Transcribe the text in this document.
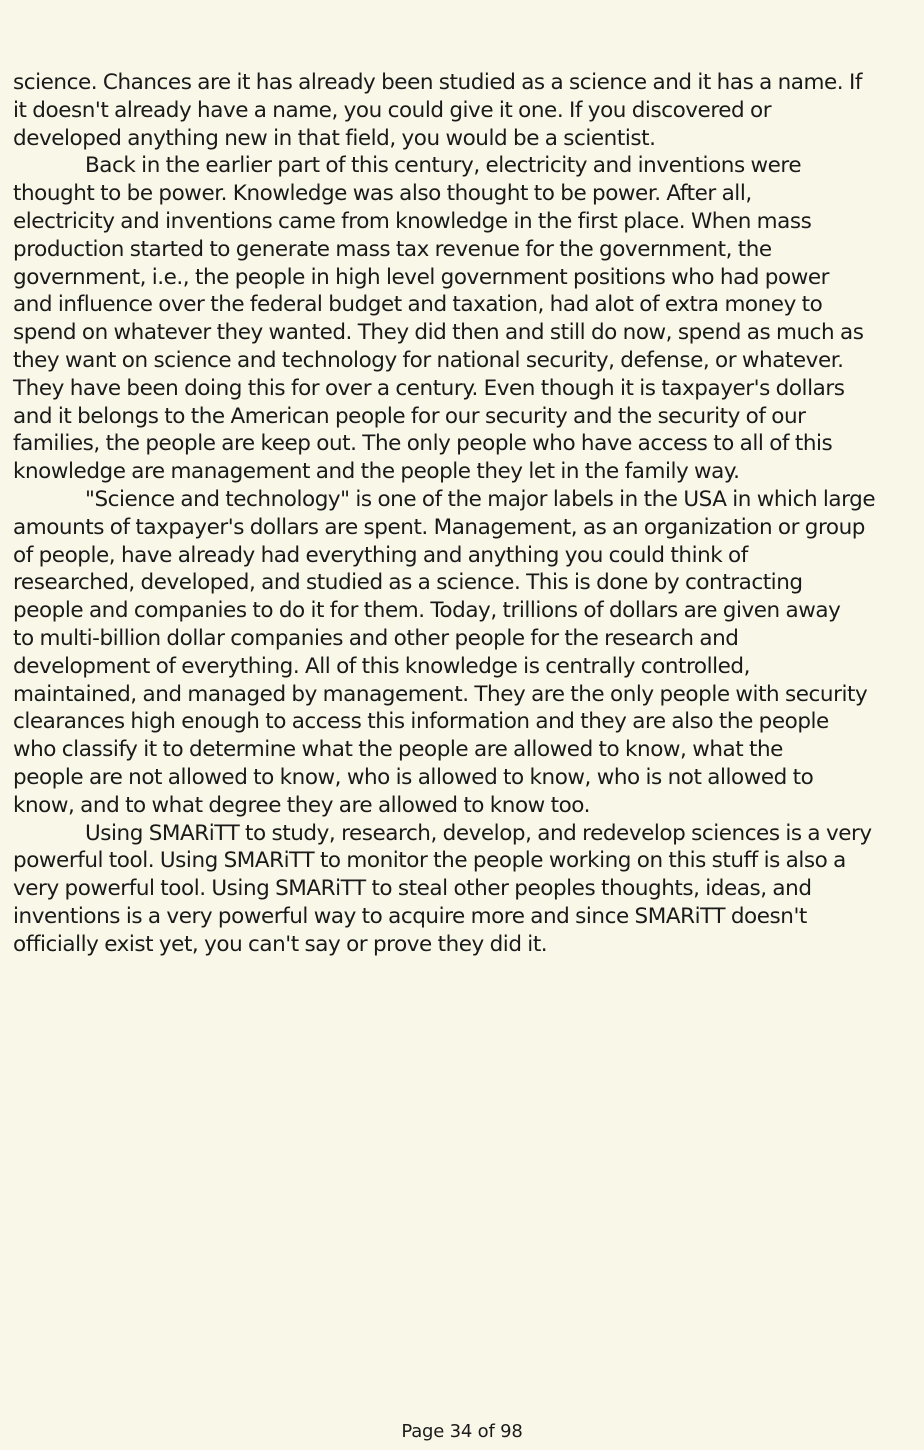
science. Chances are it has already been studied as a science and it has a name. If
it doesn't already have a name, you could give it one. If you discovered or
developed anything new in that field, you would be a scientist.
Back in the earlier part of this century, electricity and inventions were
thought to be power. Knowledge was also thought to be power. After all,
electricity and inventions came from knowledge in the first place. When mass
production started to generate mass tax revenue for the government, the
government, i.e., the people in high level government positions who had power
and influence over the federal budget and taxation, had alot of extra money to
spend on whatever they wanted. They did then and still do now, spend as much as
they want on science and technology for national security, defense, or whatever.
They have been doing this for over a century. Even though it is taxpayer's dollars
and it belongs to the American people for our security and the security of our
families, the people are keep out. The only people who have access to all of this
knowledge are management and the people they let in the family way.
"Science and technology" is one of the major labels in the USA in which large
amounts of taxpayer's dollars are spent. Management, as an organization or group
of people, have already had everything and anything you could think of
researched, developed, and studied as a science. This is done by contracting
people and companies to do it for them. Today, trillions of dollars are given away
to multi-billion dollar companies and other people for the research and
development of everything. All of this knowledge is centrally controlled,
maintained, and managed by management. They are the only people with security
clearances high enough to access this information and they are also the people
who classify it to determine what the people are allowed to know, what the
people are not allowed to know, who is allowed to know, who is not allowed to
know, and to what degree they are allowed to know too.
Using SMARiTT to study, research, develop, and redevelop sciences is a very
powerful tool. Using SMARiTT to monitor the people working on this stuff is also a
very powerful tool. Using SMARiTT to steal other peoples thoughts, ideas, and
inventions is a very powerful way to acquire more and since SMARiTT doesn't
officially exist yet, you can't say or prove they did it.
Page 34 of 98
